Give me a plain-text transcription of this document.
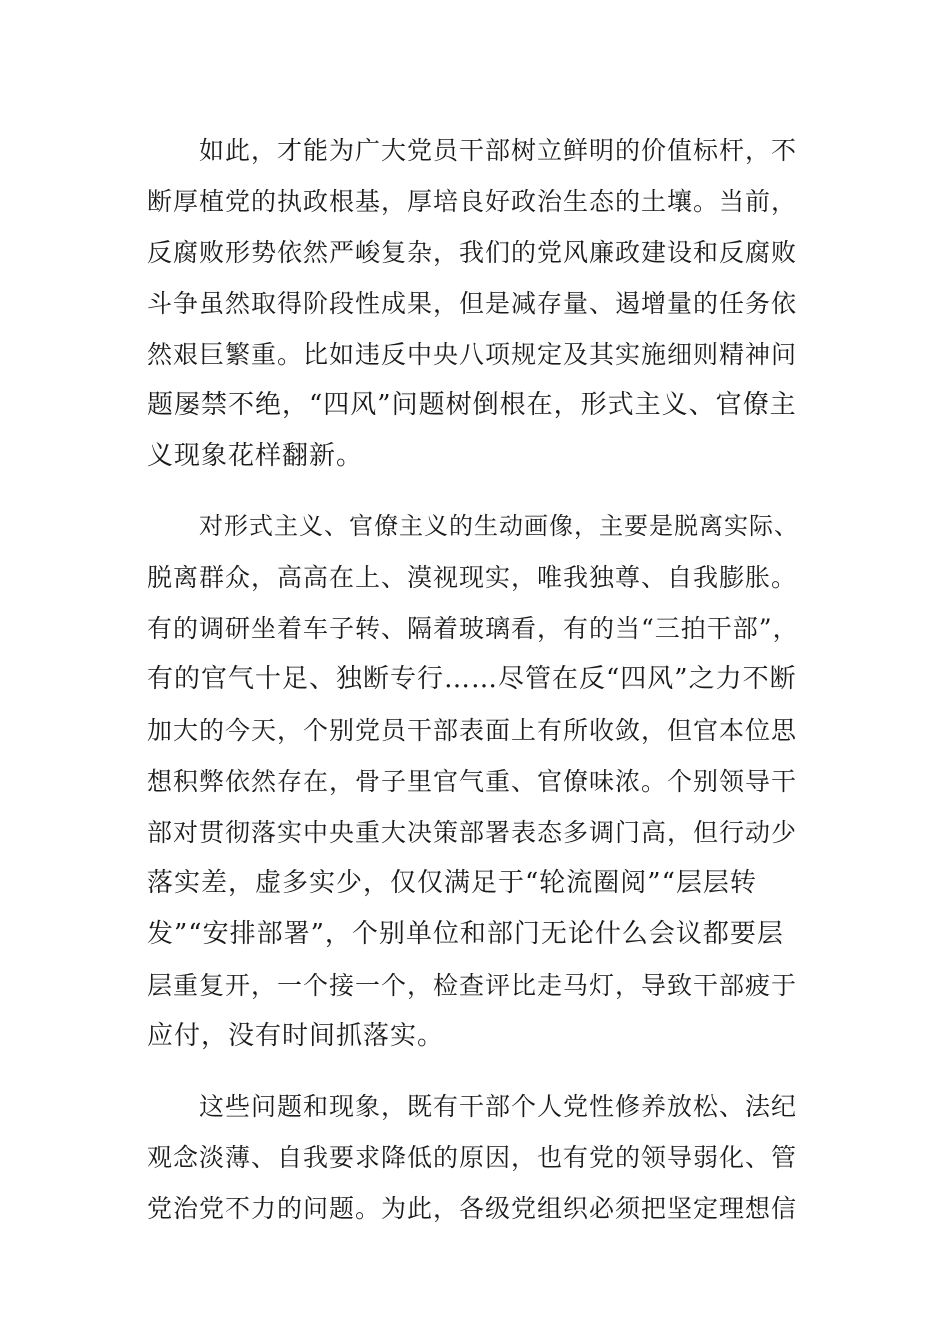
如此，才能为广大党员干部树立鲜明的价值标杆，不
断厚植党的执政根基，厚培良好政治生态的土壤。当前，
反腐败形势依然严峻复杂，我们的党风廉政建设和反腐败
斗争虽然取得阶段性成果，但是减存量、遏增量的任务依
然艰巨繁重。比如违反中央八项规定及其实施细则精神问
题屡禁不绝，“四风”问题树倒根在，形式主义、官僚主
义现象花样翻新。

对形式主义、官僚主义的生动画像，主要是脱离实际、
脱离群众，高高在上、漠视现实，唯我独尊、自我膨胀。
有的调研坐着车子转、隔着玻璃看，有的当“三拍干部”，
有的官气十足、独断专行……尽管在反“四风”之力不断
加大的今天，个别党员干部表面上有所收敛，但官本位思
想积弊依然存在，骨子里官气重、官僚味浓。个别领导干
部对贯彻落实中央重大决策部署表态多调门高，但行动少
落实差，虚多实少，仅仅满足于“轮流圈阅”“层层转
发”“安排部署”，个别单位和部门无论什么会议都要层
层重复开，一个接一个，检查评比走马灯，导致干部疲于
应付，没有时间抓落实。

这些问题和现象，既有干部个人党性修养放松、法纪
观念淡薄、自我要求降低的原因，也有党的领导弱化、管
党治党不力的问题。为此，各级党组织必须把坚定理想信
